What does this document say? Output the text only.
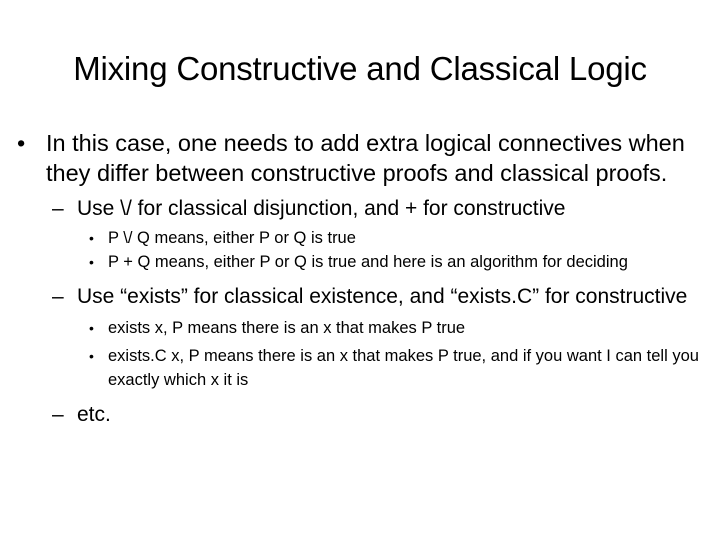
Mixing Constructive and Classical Logic
• In this case, one needs to add extra logical connectives when they differ between constructive proofs and classical proofs.
– Use \/ for classical disjunction, and + for constructive
• P \/ Q means, either P or Q is true
• P + Q means, either P or Q is true and here is an algorithm for deciding
– Use “exists” for classical existence, and “exists.C” for constructive
• exists x, P means there is an x that makes P true
• exists.C x, P means there is an x that makes P true, and if you want I can tell you exactly which x it is
– etc.
